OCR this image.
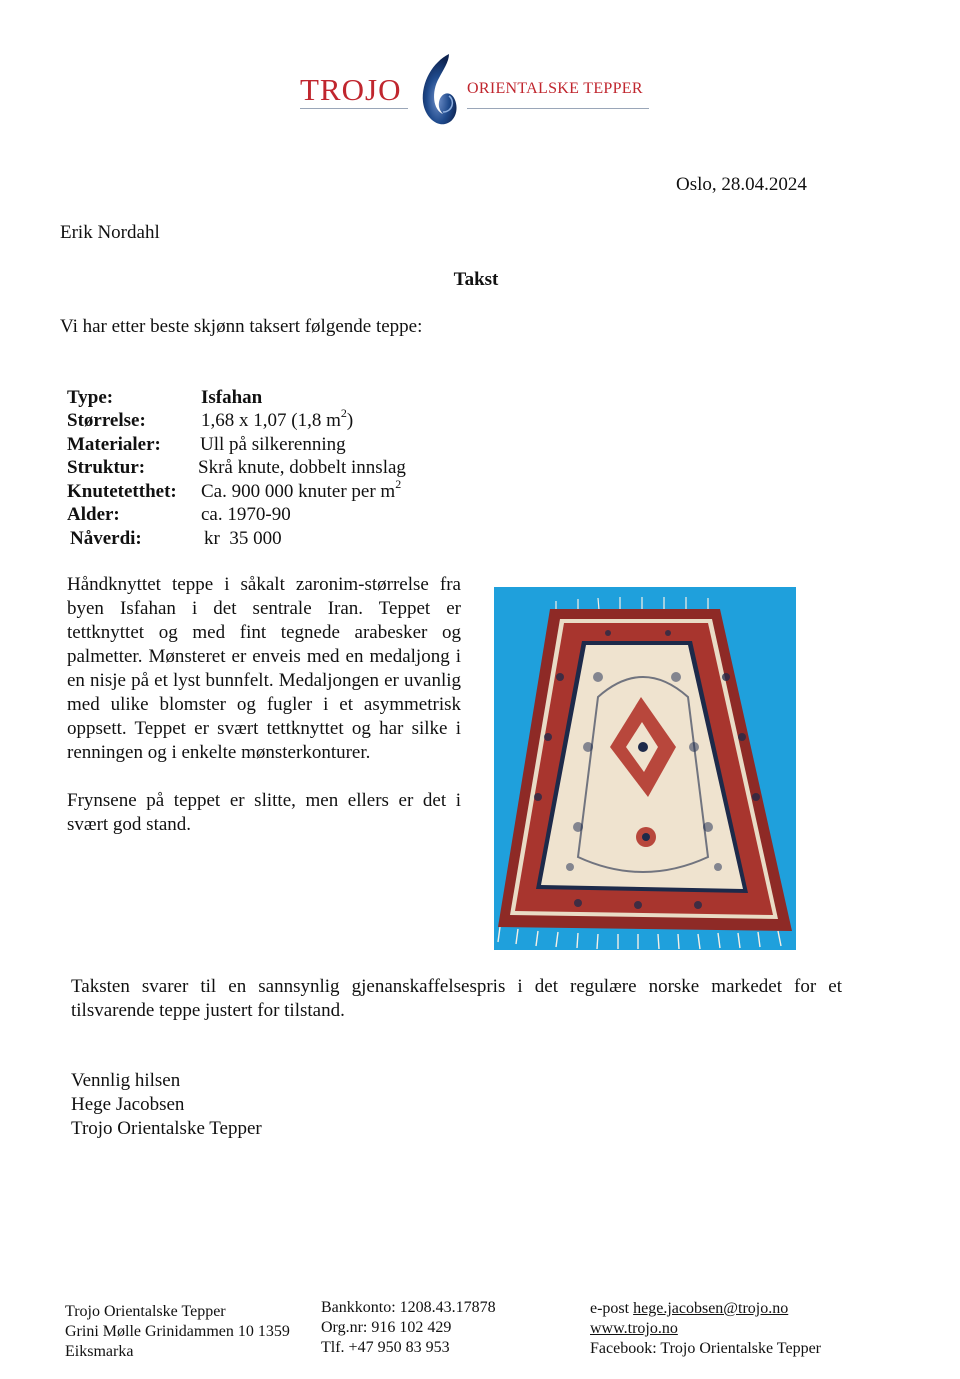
TROJO	ORIENTALSKE TEPPER
Oslo, 28.04.2024
Erik Nordahl
Takst
Vi har etter beste skjønn taksert følgende teppe:
Type:	Isfahan
Størrelse:	1,68 x 1,07 (1,8 $m^2$)
Materialer: Ull på silkerenning
Struktur:	Skrå knute, dobbelt innslag
Knutetetthet: Ca. 900 000 knuter per $m^2$
Alder:	ca. 1970-90
Nåverdi:	kr  35 000

Håndknyttet teppe i såkalt zaronim-størrelse fra byen Isfahan i det sentrale Iran. Teppet er tettknyttet og med fint tegnede arabesker og palmetter. Mønsteret er enveis med en medaljong i en nisje på et lyst bunnfelt. Medaljongen er uvanlig med ulike blomster og fugler i et asymmetrisk oppsett. Teppet er svært tettknyttet og har silke i renningen og i enkelte mønsterkonturer.

Frynsene på teppet er slitte, men ellers er det i svært god stand.

Taksten svarer til en sannsynlig gjenanskaffelsespris i det regulære norske markedet for et tilsvarende teppe justert for tilstand.
Vennlig hilsen
Hege Jacobsen
Trojo Orientalske Tepper
Trojo Orientalske Tepper
Grini Mølle Grinidammen 10 1359
Eiksmarka
Bankkonto: 1208.43.17878
Org.nr: 916 102 429
Tlf. +47 950 83 953
e-post hege.jacobsen@trojo.no
www.trojo.no
Facebook: Trojo Orientalske Tepper
